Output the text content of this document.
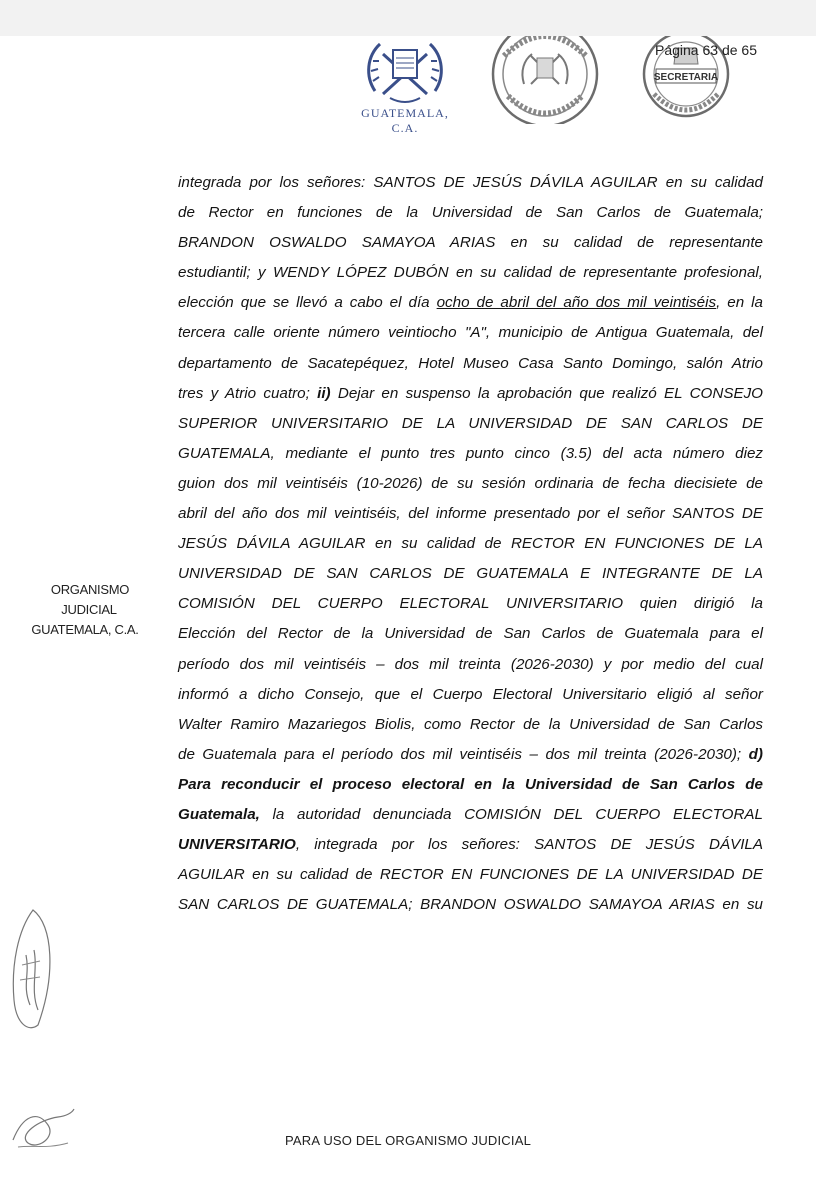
GUATEMALA, C.A.
SECRETARIA
Página 63 de 65
ORGANISMO
JUDICIAL
GUATEMALA, C.A.
integrada por los señores: SANTOS DE JESÚS DÁVILA AGUILAR en su calidad
de Rector en funciones de la Universidad de San Carlos de Guatemala;
BRANDON OSWALDO SAMAYOA ARIAS en su calidad de representante
estudiantil; y WENDY LÓPEZ DUBÓN en su calidad de representante profesional,
elección que se llevó a cabo el día ocho de abril del año dos mil veintiséis, en la
tercera calle oriente número veintiocho "A", municipio de Antigua Guatemala, del
departamento de Sacatepéquez, Hotel Museo Casa Santo Domingo, salón Atrio
tres y Atrio cuatro; ii) Dejar en suspenso la aprobación que realizó EL CONSEJO
SUPERIOR UNIVERSITARIO DE LA UNIVERSIDAD DE SAN CARLOS DE
GUATEMALA, mediante el punto tres punto cinco (3.5) del acta número diez
guion dos mil veintiséis (10-2026) de su sesión ordinaria de fecha diecisiete de
abril del año dos mil veintiséis, del informe presentado por el señor SANTOS DE
JESÚS DÁVILA AGUILAR en su calidad de RECTOR EN FUNCIONES DE LA
UNIVERSIDAD DE SAN CARLOS DE GUATEMALA E INTEGRANTE DE LA
COMISIÓN DEL CUERPO ELECTORAL UNIVERSITARIO quien dirigió la
Elección del Rector de la Universidad de San Carlos de Guatemala para el
período dos mil veintiséis – dos mil treinta (2026-2030) y por medio del cual
informó a dicho Consejo, que el Cuerpo Electoral Universitario eligió al señor
Walter Ramiro Mazariegos Biolis, como Rector de la Universidad de San Carlos
de Guatemala para el período dos mil veintiséis – dos mil treinta (2026-2030); d)
Para reconducir el proceso electoral en la Universidad de San Carlos de
Guatemala, la autoridad denunciada COMISIÓN DEL CUERPO ELECTORAL
UNIVERSITARIO, integrada por los señores: SANTOS DE JESÚS DÁVILA
AGUILAR en su calidad de RECTOR EN FUNCIONES DE LA UNIVERSIDAD DE
SAN CARLOS DE GUATEMALA; BRANDON OSWALDO SAMAYOA ARIAS en su
PARA USO DEL ORGANISMO JUDICIAL
